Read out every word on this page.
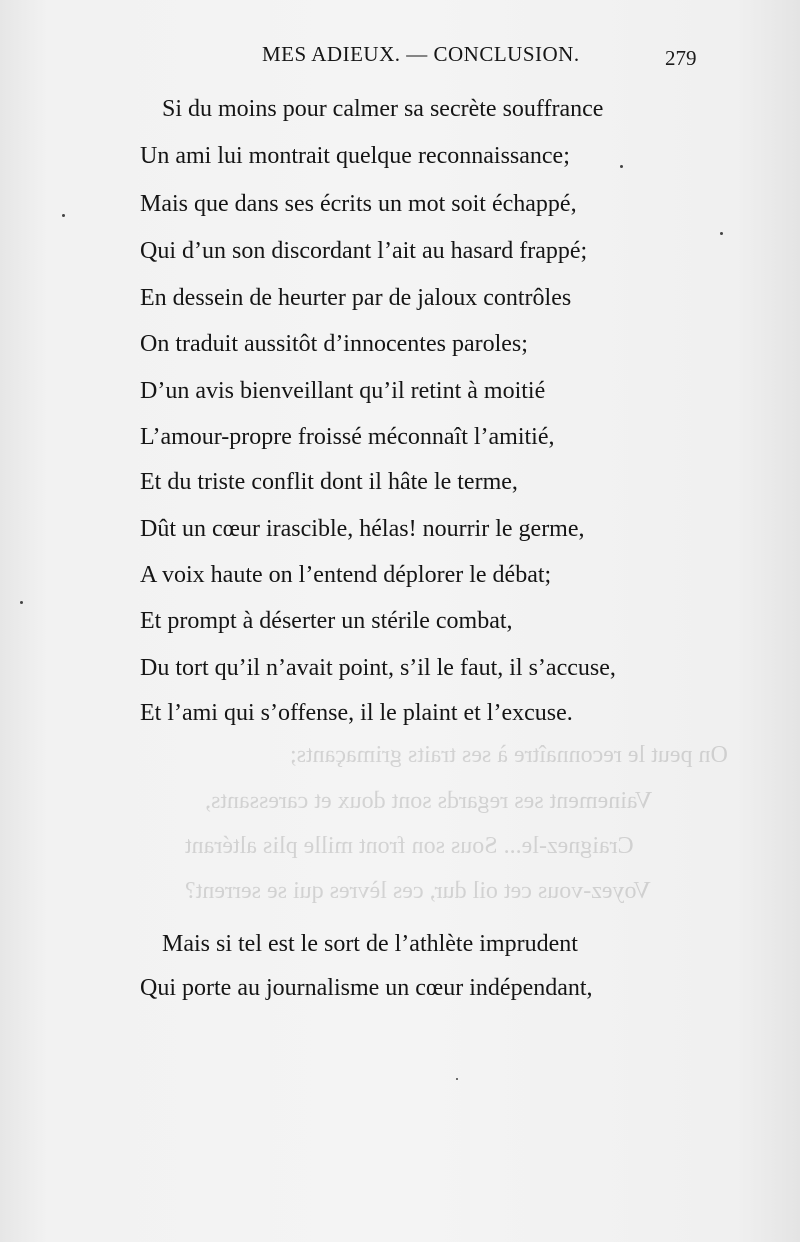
MES ADIEUX. — CONCLUSION.	279
On peut le reconnaître à ses traits grimaçants;
Vainement ses regards sont doux et caressants,
Craignez-le... Sous son front mille plis altérant
Voyez-vous cet oil dur, ces lèvres qui se serrent?
Si du moins pour calmer sa secrète souffrance
Un ami lui montrait quelque reconnaissance;
Mais que dans ses écrits un mot soit échappé,
Qui d’un son discordant l’ait au hasard frappé;
En dessein de heurter par de jaloux contrôles
On traduit aussitôt d’innocentes paroles;
D’un avis bienveillant qu’il retint à moitié
L’amour-propre froissé méconnaît l’amitié,
Et du triste conflit dont il hâte le terme,
Dût un cœur irascible, hélas! nourrir le germe,
A voix haute on l’entend déplorer le débat;
Et prompt à déserter un stérile combat,
Du tort qu’il n’avait point, s’il le faut, il s’accuse,
Et l’ami qui s’offense, il le plaint et l’excuse.
Mais si tel est le sort de l’athlète imprudent
Qui porte au journalisme un cœur indépendant,
